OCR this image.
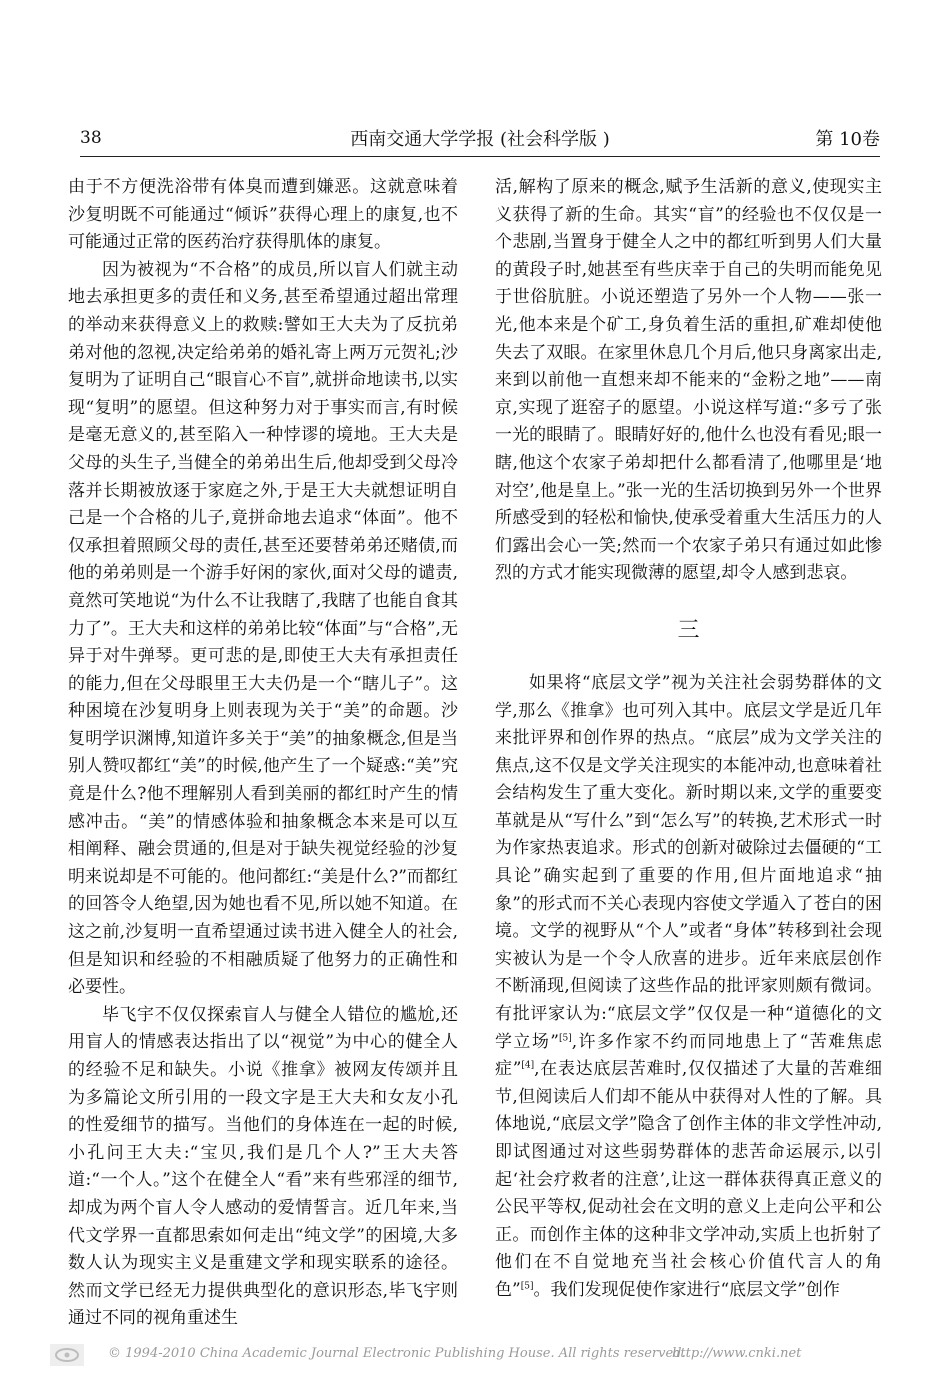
38	西南交通大学学报 (社会科学版 )	第 10卷

由于不方便洗浴带有体臭而遭到嫌恶。这就意味着沙复明既不可能通过“倾诉”获得心理上的康复,也不可能通过正常的医药治疗获得肌体的康复。

因为被视为“不合格”的成员,所以盲人们就主动地去承担更多的责任和义务,甚至希望通过超出常理的举动来获得意义上的救赎:譬如王大夫为了反抗弟弟对他的忽视,决定给弟弟的婚礼寄上两万元贺礼;沙复明为了证明自己“眼盲心不盲”,就拼命地读书,以实现“复明”的愿望。但这种努力对于事实而言,有时候是毫无意义的,甚至陷入一种悖谬的境地。王大夫是父母的头生子,当健全的弟弟出生后,他却受到父母冷落并长期被放逐于家庭之外,于是王大夫就想证明自己是一个合格的儿子,竟拼命地去追求“体面”。他不仅承担着照顾父母的责任,甚至还要替弟弟还赌债,而他的弟弟则是一个游手好闲的家伙,面对父母的谴责,竟然可笑地说“为什么不让我瞎了,我瞎了也能自食其力了”。王大夫和这样的弟弟比较“体面”与“合格”,无异于对牛弹琴。更可悲的是,即使王大夫有承担责任的能力,但在父母眼里王大夫仍是一个“瞎儿子”。这种困境在沙复明身上则表现为关于“美”的命题。沙复明学识渊博,知道许多关于“美”的抽象概念,但是当别人赞叹都红“美”的时候,他产生了一个疑惑:“美”究竟是什么?他不理解别人看到美丽的都红时产生的情感冲击。“美”的情感体验和抽象概念本来是可以互相阐释、融会贯通的,但是对于缺失视觉经验的沙复明来说却是不可能的。他问都红:“美是什么?”而都红的回答令人绝望,因为她也看不见,所以她不知道。在这之前,沙复明一直希望通过读书进入健全人的社会,但是知识和经验的不相融质疑了他努力的正确性和必要性。

毕飞宇不仅仅探索盲人与健全人错位的尴尬,还用盲人的情感表达指出了以“视觉”为中心的健全人的经验不足和缺失。小说《推拿》被网友传颂并且为多篇论文所引用的一段文字是王大夫和女友小孔的性爱细节的描写。当他们的身体连在一起的时候,小孔问王大夫:“宝贝,我们是几个人?”王大夫答道:“一个人。”这个在健全人“看”来有些邪淫的细节,却成为两个盲人令人感动的爱情誓言。近几年来,当代文学界一直都思索如何走出“纯文学”的困境,大多数人认为现实主义是重建文学和现实联系的途径。然而文学已经无力提供典型化的意识形态,毕飞宇则通过不同的视角重述生

活,解构了原来的概念,赋予生活新的意义,使现实主义获得了新的生命。其实“盲”的经验也不仅仅是一个悲剧,当置身于健全人之中的都红听到男人们大量的黄段子时,她甚至有些庆幸于自己的失明而能免见于世俗肮脏。小说还塑造了另外一个人物——张一光,他本来是个矿工,身负着生活的重担,矿难却使他失去了双眼。在家里休息几个月后,他只身离家出走,来到以前他一直想来却不能来的“金粉之地”——南京,实现了逛窑子的愿望。小说这样写道:“多亏了张一光的眼睛了。眼睛好好的,他什么也没有看见;眼一瞎,他这个农家子弟却把什么都看清了,他哪里是‘地对空’,他是皇上。”张一光的生活切换到另外一个世界所感受到的轻松和愉快,使承受着重大生活压力的人们露出会心一笑;然而一个农家子弟只有通过如此惨烈的方式才能实现微薄的愿望,却令人感到悲哀。

三

如果将“底层文学”视为关注社会弱势群体的文学,那么《推拿》也可列入其中。底层文学是近几年来批评界和创作界的热点。“底层”成为文学关注的焦点,这不仅是文学关注现实的本能冲动,也意味着社会结构发生了重大变化。新时期以来,文学的重要变革就是从“写什么”到“怎么写”的转换,艺术形式一时为作家热衷追求。形式的创新对破除过去僵硬的“工具论”确实起到了重要的作用,但片面地追求“抽象”的形式而不关心表现内容使文学遁入了苍白的困境。文学的视野从“个人”或者“身体”转移到社会现实被认为是一个令人欣喜的进步。近年来底层创作不断涌现,但阅读了这些作品的批评家则颇有微词。有批评家认为:“底层文学”仅仅是一种“道德化的文学立场”[5],许多作家不约而同地患上了“苦难焦虑症”[4],在表达底层苦难时,仅仅描述了大量的苦难细节,但阅读后人们却不能从中获得对人性的了解。具体地说,“底层文学”隐含了创作主体的非文学性冲动,即试图通过对这些弱势群体的悲苦命运展示,以引起‘社会疗救者的注意’,让这一群体获得真正意义的公民平等权,促动社会在文明的意义上走向公平和公正。而创作主体的这种非文学冲动,实质上也折射了他们在不自觉地充当社会核心价值代言人的角色”[5]。我们发现促使作家进行“底层文学”创作

© 1994-2010 China Academic Journal Electronic Publishing House. All rights reserved.
http://www.cnki.net
